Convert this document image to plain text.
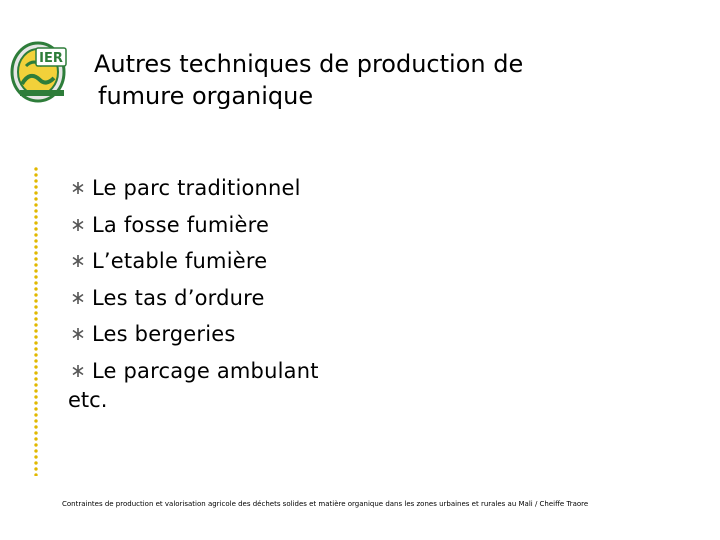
IER Autres techniques de production de
fumure organique
Le parc traditionnel
La fosse fumière
L’etable fumière
Les tas d’ordure
Les bergeries
Le parcage ambulant
etc.
Contraintes de production et valorisation agricole des déchets solides et matière organique dans les zones urbaines et rurales au Mali / Cheiffe Traore
